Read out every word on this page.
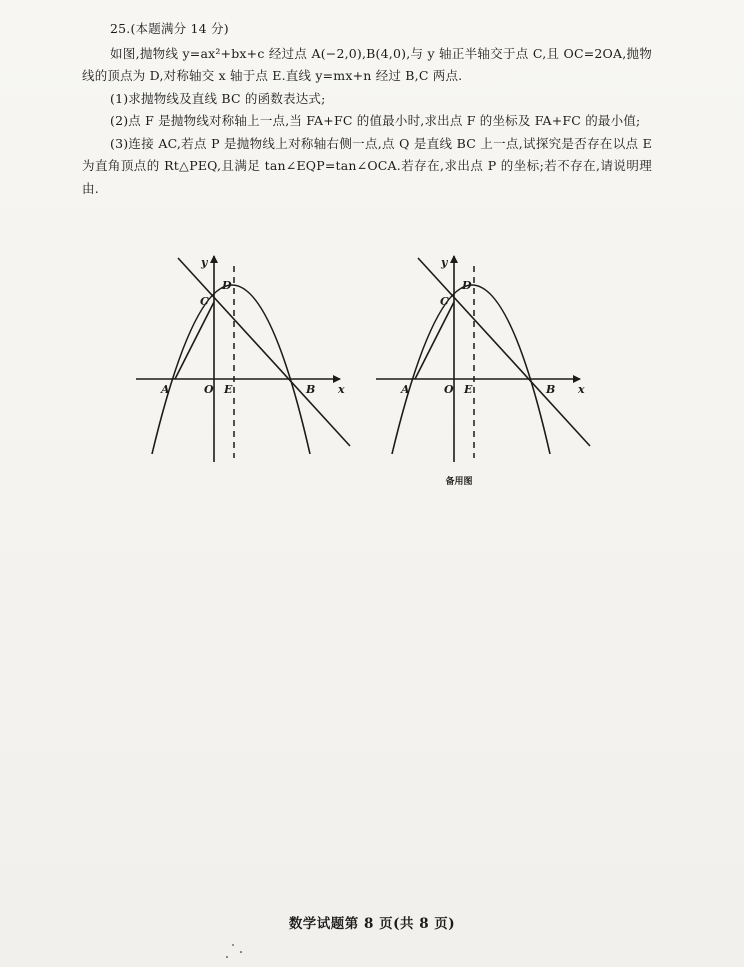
25.(本题满分 14 分)

如图,抛物线 y=ax²+bx+c 经过点 A(−2,0),B(4,0),与 y 轴正半轴交于点 C,且 OC=2OA,抛物线的顶点为 D,对称轴交 x 轴于点 E.直线 y=mx+n 经过 B,C 两点.

(1)求抛物线及直线 BC 的函数表达式;

(2)点 F 是抛物线对称轴上一点,当 FA+FC 的值最小时,求出点 F 的坐标及 FA+FC 的最小值;

(3)连接 AC,若点 P 是抛物线上对称轴右侧一点,点 Q 是直线 BC 上一点,试探究是否存在以点 E 为直角顶点的 Rt△PEQ,且满足 tan∠EQP=tan∠OCA.若存在,求出点 P 的坐标;若不存在,请说明理由.

y
x
C
D
A	O E	B
y
x
C
D
A	O E	B
备用图
数学试题第 8 页(共 8 页)
